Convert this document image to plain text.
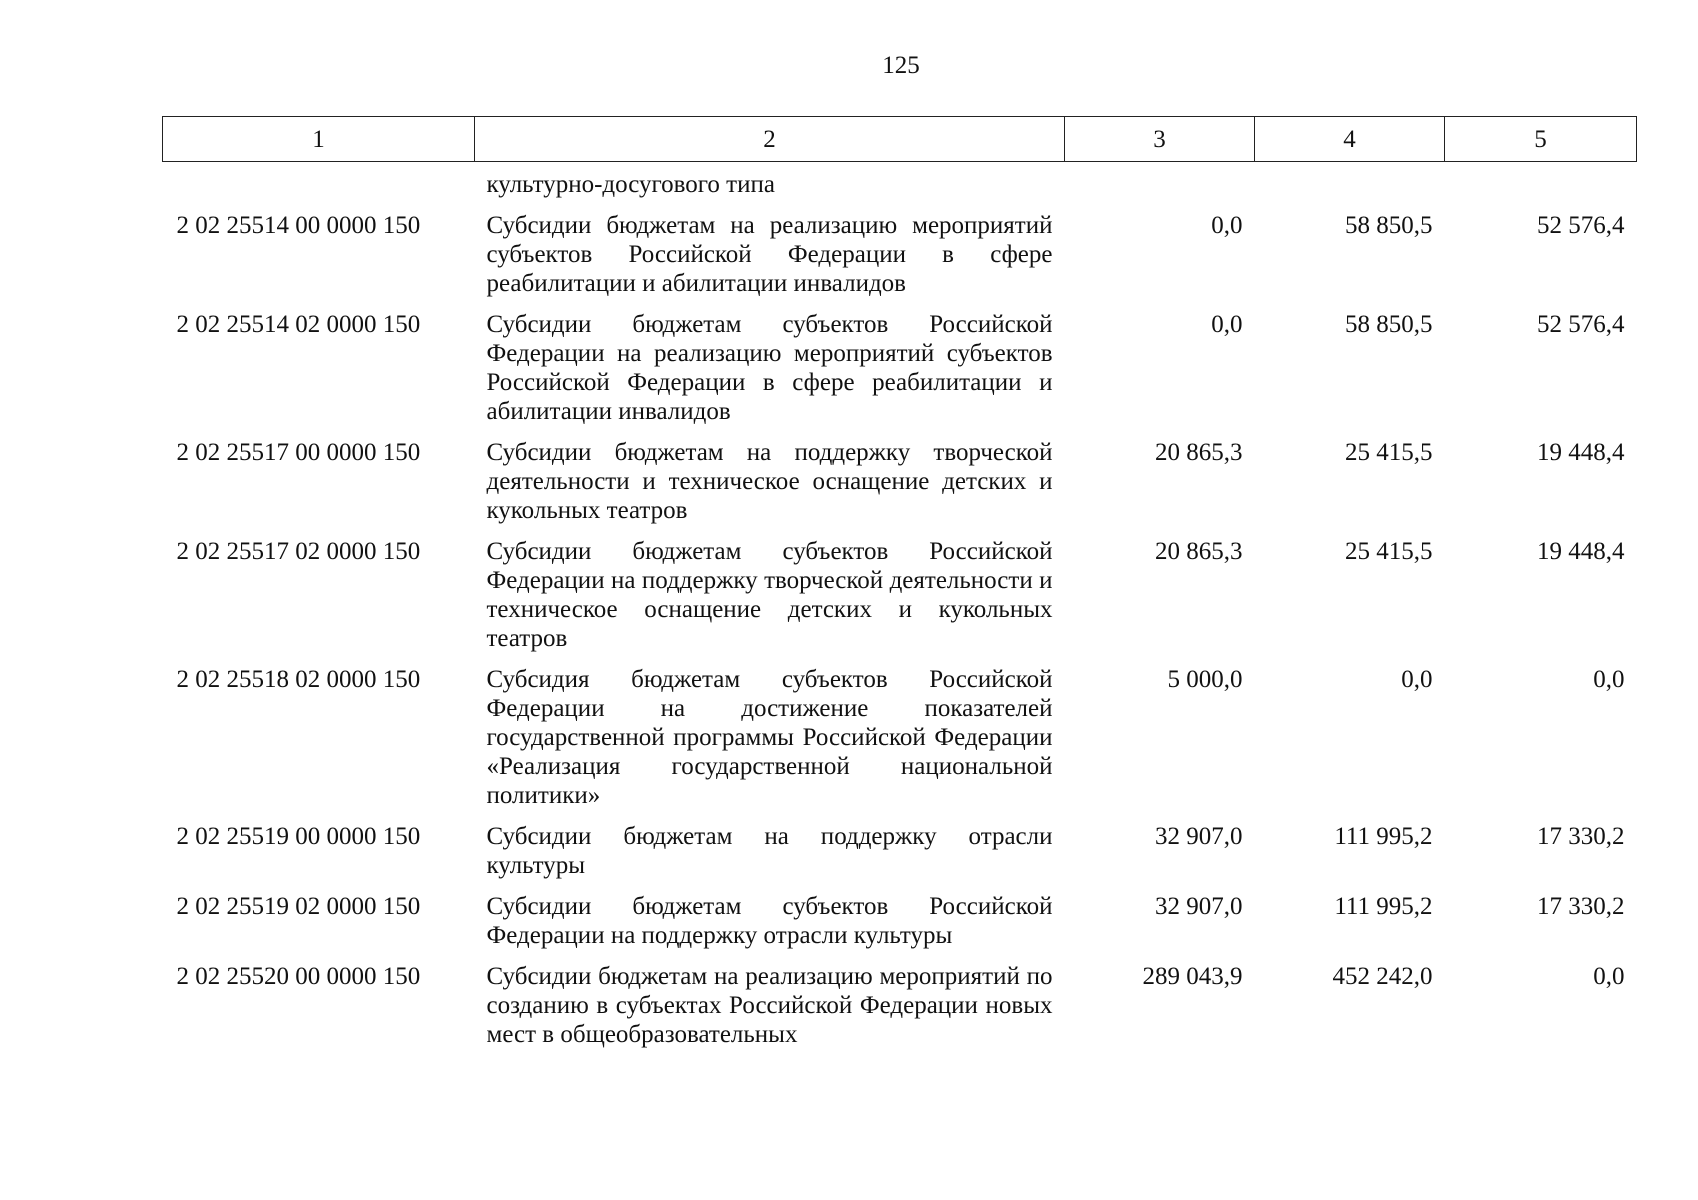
125
1	2	3	4	5
	культурно-досугового типа			
2 02 25514 00 0000 150	Субсидии бюджетам на реализацию мероприятий субъектов Российской Федерации в сфере реабилитации и абилитации инвалидов	0,0	58 850,5	52 576,4
2 02 25514 02 0000 150	Субсидии бюджетам субъектов Российской Федерации на реализацию мероприятий субъектов Российской Федерации в сфере реабилитации и абилитации инвалидов	0,0	58 850,5	52 576,4
2 02 25517 00 0000 150	Субсидии бюджетам на поддержку творческой деятельности и техническое оснащение детских и кукольных театров	20 865,3	25 415,5	19 448,4
2 02 25517 02 0000 150	Субсидии бюджетам субъектов Российской Федерации на поддержку творческой деятельности и техническое оснащение детских и кукольных театров	20 865,3	25 415,5	19 448,4
2 02 25518 02 0000 150	Субсидия бюджетам субъектов Российской Федерации на достижение показателей государственной программы Российской Федерации «Реализация государственной национальной политики»	5 000,0	0,0	0,0
2 02 25519 00 0000 150	Субсидии бюджетам на поддержку отрасли культуры	32 907,0	111 995,2	17 330,2
2 02 25519 02 0000 150	Субсидии бюджетам субъектов Российской Федерации на поддержку отрасли культуры	32 907,0	111 995,2	17 330,2
2 02 25520 00 0000 150	Субсидии бюджетам на реализацию мероприятий по созданию в субъектах Российской Федерации новых мест в общеобразовательных	289 043,9	452 242,0	0,0
